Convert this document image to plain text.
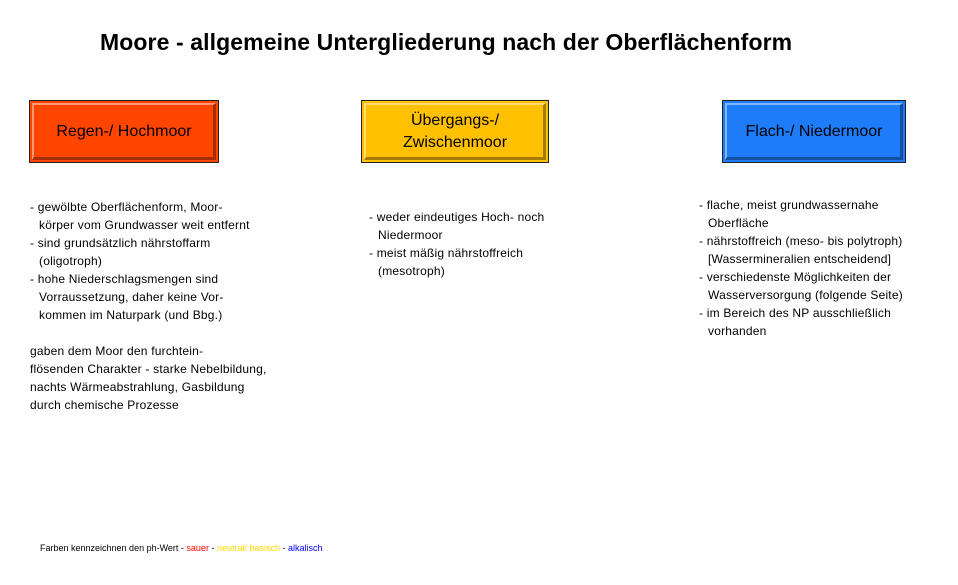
Moore - allgemeine Untergliederung nach der Oberflächenform
Regen-/ Hochmoor
Übergangs-/
Zwischenmoor
Flach-/ Niedermoor
- gewölbte Oberflächenform, Moor-
körper vom Grundwasser weit entfernt
- sind grundsätzlich nährstoffarm
(oligotroph)
- hohe Niederschlagsmengen sind
Vorraussetzung, daher keine Vor-
kommen im Naturpark (und Bbg.)
gaben dem Moor den furchtein-
flösenden Charakter - starke Nebelbildung,
nachts Wärmeabstrahlung, Gasbildung
durch chemische Prozesse
- weder eindeutiges Hoch- noch
Niedermoor
- meist mäßig nährstoffreich
(mesotroph)
- flache, meist grundwassernahe
Oberfläche
- nährstoffreich (meso- bis polytroph)
[Wassermineralien entscheidend]
- verschiedenste Möglichkeiten der
Wasserversorgung (folgende Seite)
- im Bereich des NP ausschließlich
vorhanden
Farben kennzeichnen den ph-Wert - sauer - neutral/ basisch - alkalisch
